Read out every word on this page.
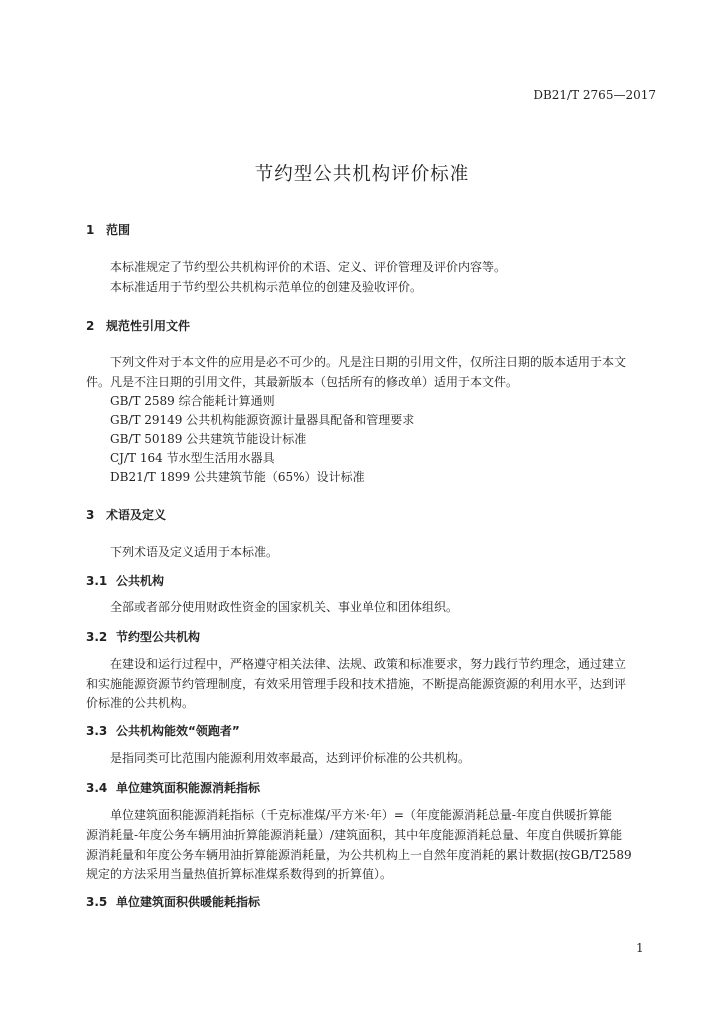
DB21/T 2765—2017
节约型公共机构评价标准
1 范围
本标准规定了节约型公共机构评价的术语、定义、评价管理及评价内容等。
本标准适用于节约型公共机构示范单位的创建及验收评价。
2 规范性引用文件
下列文件对于本文件的应用是必不可少的。凡是注日期的引用文件，仅所注日期的版本适用于本文
件。凡是不注日期的引用文件，其最新版本（包括所有的修改单）适用于本文件。
GB/T 2589 综合能耗计算通则
GB/T 29149 公共机构能源资源计量器具配备和管理要求
GB/T 50189 公共建筑节能设计标准
CJ/T 164 节水型生活用水器具
DB21/T 1899 公共建筑节能（65%）设计标准
3 术语及定义
下列术语及定义适用于本标准。
3.1 公共机构
全部或者部分使用财政性资金的国家机关、事业单位和团体组织。
3.2 节约型公共机构
在建设和运行过程中，严格遵守相关法律、法规、政策和标准要求，努力践行节约理念，通过建立
和实施能源资源节约管理制度，有效采用管理手段和技术措施，不断提高能源资源的利用水平，达到评
价标准的公共机构。
3.3 公共机构能效“领跑者”
是指同类可比范围内能源利用效率最高，达到评价标准的公共机构。
3.4 单位建筑面积能源消耗指标
单位建筑面积能源消耗指标（千克标准煤/平方米·年）=（年度能源消耗总量-年度自供暖折算能
源消耗量-年度公务车辆用油折算能源消耗量）/建筑面积，其中年度能源消耗总量、年度自供暖折算能
源消耗量和年度公务车辆用油折算能源消耗量，为公共机构上一自然年度消耗的累计数据(按GB/T2589
规定的方法采用当量热值折算标准煤系数得到的折算值）。
3.5 单位建筑面积供暖能耗指标
1
